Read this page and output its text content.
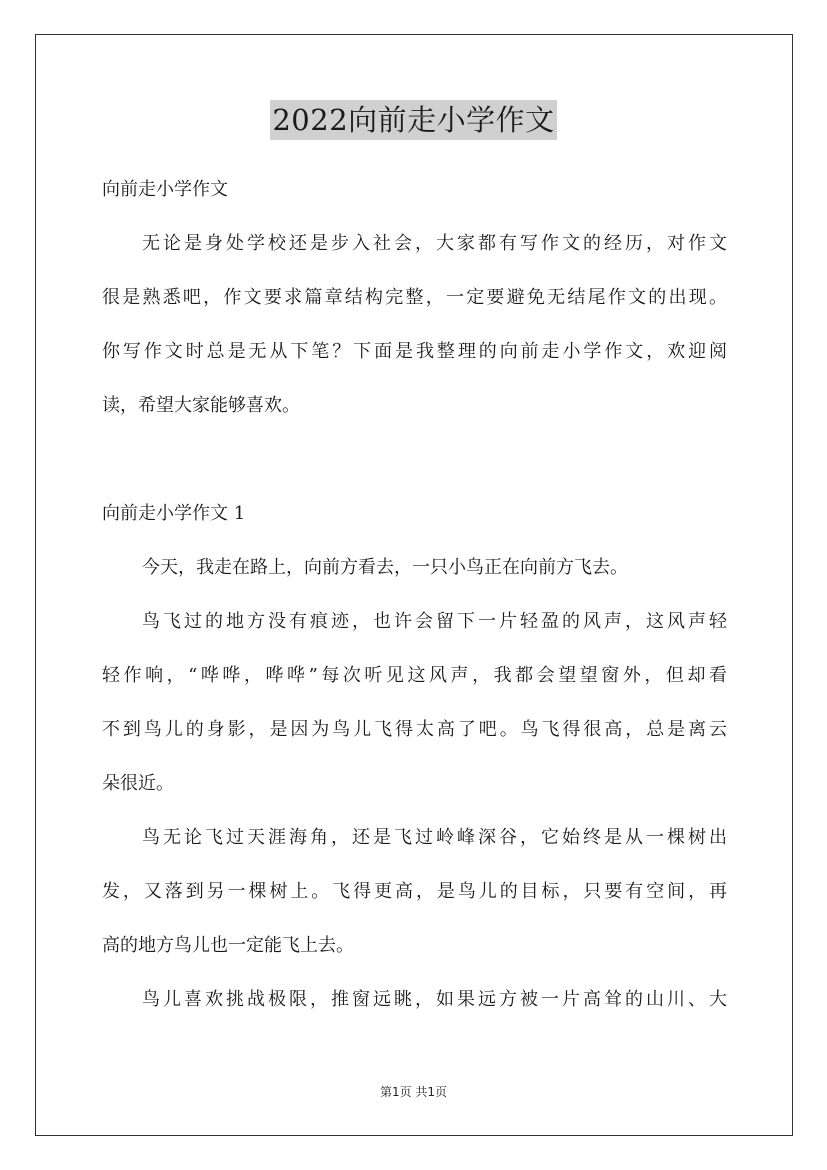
2022向前走小学作文
向前走小学作文
无论是身处学校还是步入社会，大家都有写作文的经历，对作文
很是熟悉吧，作文要求篇章结构完整，一定要避免无结尾作文的出现。
你写作文时总是无从下笔？下面是我整理的向前走小学作文，欢迎阅
读，希望大家能够喜欢。
向前走小学作文 1
今天，我走在路上，向前方看去，一只小鸟正在向前方飞去。
鸟飞过的地方没有痕迹，也许会留下一片轻盈的风声，这风声轻
轻作响，“哗哗，哗哗”每次听见这风声，我都会望望窗外，但却看
不到鸟儿的身影，是因为鸟儿飞得太高了吧。鸟飞得很高，总是离云
朵很近。
鸟无论飞过天涯海角，还是飞过岭峰深谷，它始终是从一棵树出
发，又落到另一棵树上。飞得更高，是鸟儿的目标，只要有空间，再
高的地方鸟儿也一定能飞上去。
鸟儿喜欢挑战极限，推窗远眺，如果远方被一片高耸的山川、大
第1页 共1页
